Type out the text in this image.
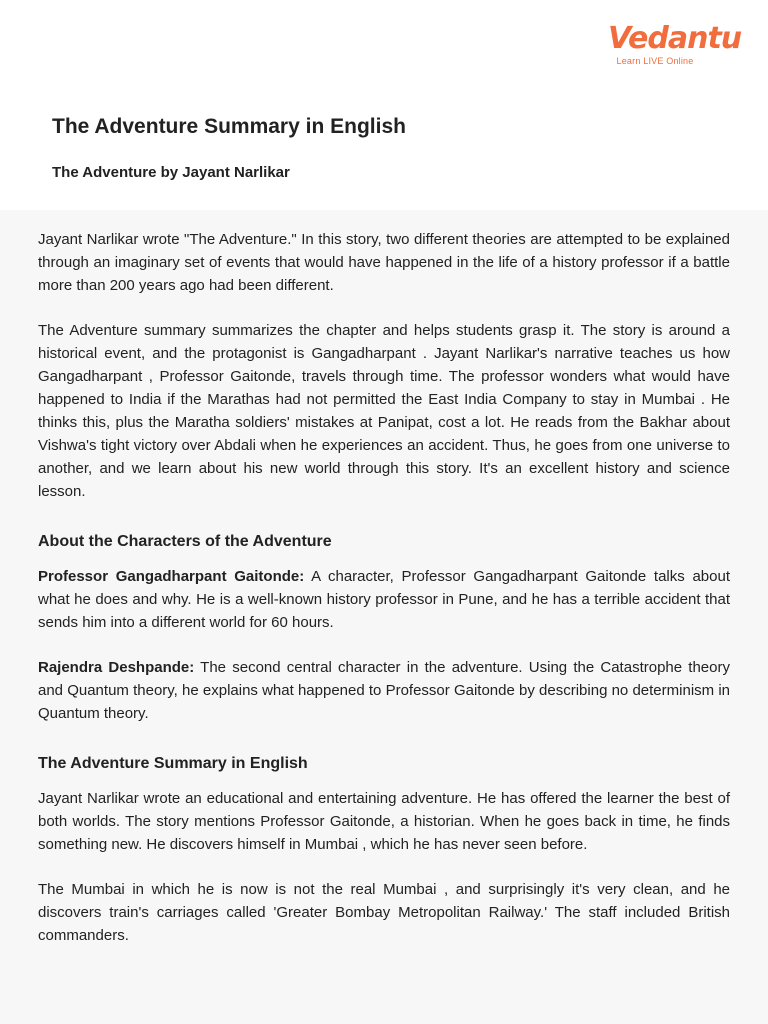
Vedantu
Learn LIVE Online
The Adventure Summary in English
The Adventure by Jayant Narlikar

Jayant Narlikar wrote "The Adventure." In this story, two different theories are attempted to be explained through an imaginary set of events that would have happened in the life of a history professor if a battle more than 200 years ago had been different.

The Adventure summary summarizes the chapter and helps students grasp it. The story is around a historical event, and the protagonist is Gangadharpant . Jayant Narlikar's narrative teaches us how Gangadharpant , Professor Gaitonde, travels through time. The professor wonders what would have happened to India if the Marathas had not permitted the East India Company to stay in Mumbai . He thinks this, plus the Maratha soldiers' mistakes at Panipat, cost a lot. He reads from the Bakhar about Vishwa's tight victory over Abdali when he experiences an accident. Thus, he goes from one universe to another, and we learn about his new world through this story. It's an excellent history and science lesson.

About the Characters of the Adventure

Professor Gangadharpant Gaitonde: A character, Professor Gangadharpant Gaitonde talks about what he does and why. He is a well-known history professor in Pune, and he has a terrible accident that sends him into a different world for 60 hours.

Rajendra Deshpande: The second central character in the adventure. Using the Catastrophe theory and Quantum theory, he explains what happened to Professor Gaitonde by describing no determinism in Quantum theory.

The Adventure Summary in English

Jayant Narlikar wrote an educational and entertaining adventure. He has offered the learner the best of both worlds. The story mentions Professor Gaitonde, a historian. When he goes back in time, he finds something new. He discovers himself in Mumbai , which he has never seen before.

The Mumbai in which he is now is not the real Mumbai , and surprisingly it's very clean, and he discovers train's carriages called 'Greater Bombay Metropolitan Railway.' The staff included British commanders.
